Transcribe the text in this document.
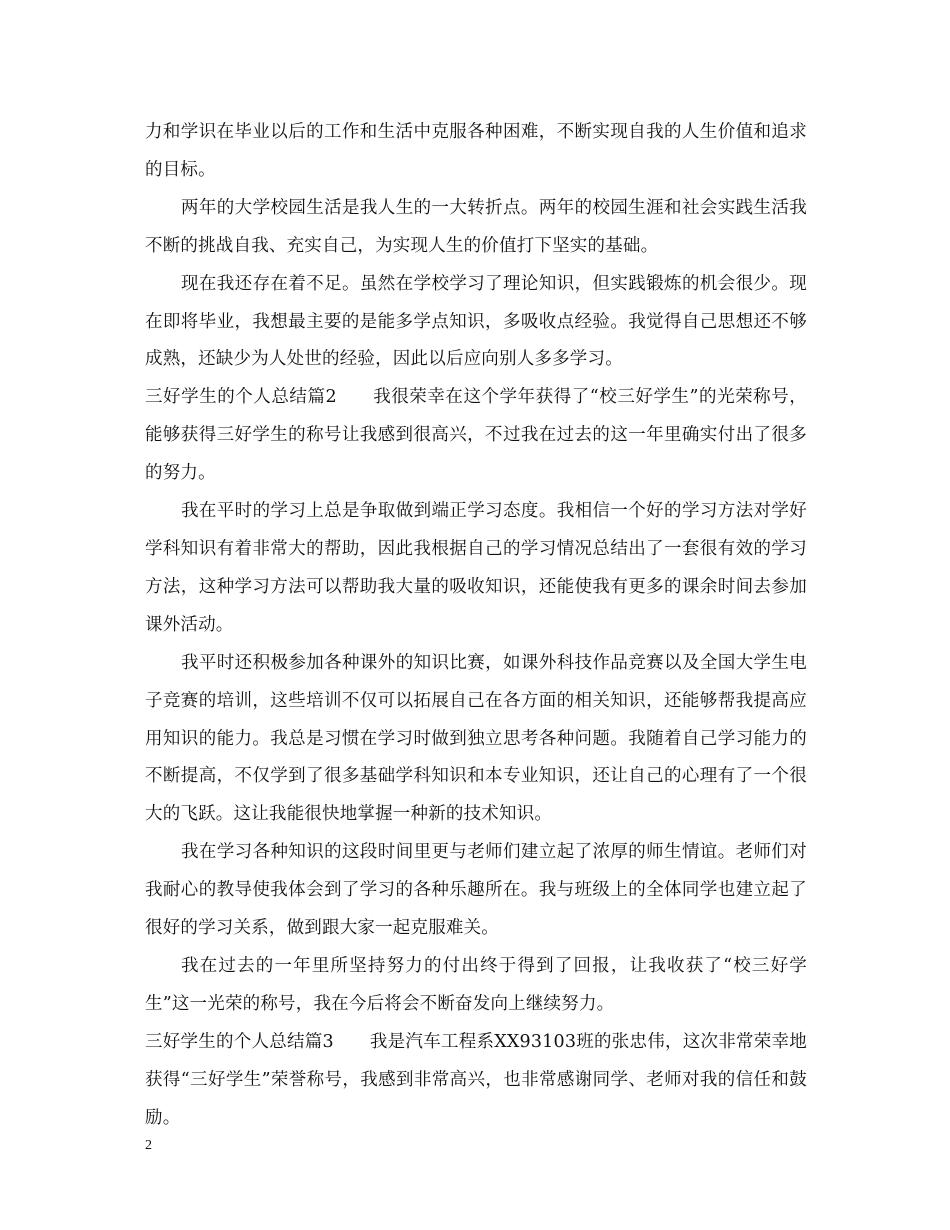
力和学识在毕业以后的工作和生活中克服各种困难，不断实现自我的人生价值和追求的目标。

两年的大学校园生活是我人生的一大转折点。两年的校园生涯和社会实践生活我不断的挑战自我、充实自己，为实现人生的价值打下坚实的基础。

现在我还存在着不足。虽然在学校学习了理论知识，但实践锻炼的机会很少。现在即将毕业，我想最主要的是能多学点知识，多吸收点经验。我觉得自己思想还不够成熟，还缺少为人处世的经验，因此以后应向别人多多学习。

三好学生的个人总结篇2 我很荣幸在这个学年获得了“校三好学生”的光荣称号，能够获得三好学生的称号让我感到很高兴，不过我在过去的这一年里确实付出了很多的努力。

我在平时的学习上总是争取做到端正学习态度。我相信一个好的学习方法对学好学科知识有着非常大的帮助，因此我根据自己的学习情况总结出了一套很有效的学习方法，这种学习方法可以帮助我大量的吸收知识，还能使我有更多的课余时间去参加课外活动。

我平时还积极参加各种课外的知识比赛，如课外科技作品竞赛以及全国大学生电子竞赛的培训，这些培训不仅可以拓展自己在各方面的相关知识，还能够帮我提高应用知识的能力。我总是习惯在学习时做到独立思考各种问题。我随着自己学习能力的不断提高，不仅学到了很多基础学科知识和本专业知识，还让自己的心理有了一个很大的飞跃。这让我能很快地掌握一种新的技术知识。

我在学习各种知识的这段时间里更与老师们建立起了浓厚的师生情谊。老师们对我耐心的教导使我体会到了学习的各种乐趣所在。我与班级上的全体同学也建立起了很好的学习关系，做到跟大家一起克服难关。

我在过去的一年里所坚持努力的付出终于得到了回报，让我收获了“校三好学生”这一光荣的称号，我在今后将会不断奋发向上继续努力。

三好学生的个人总结篇3 我是汽车工程系XX93103班的张忠伟，这次非常荣幸地获得“三好学生”荣誉称号，我感到非常高兴，也非常感谢同学、老师对我的信任和鼓励。

2
